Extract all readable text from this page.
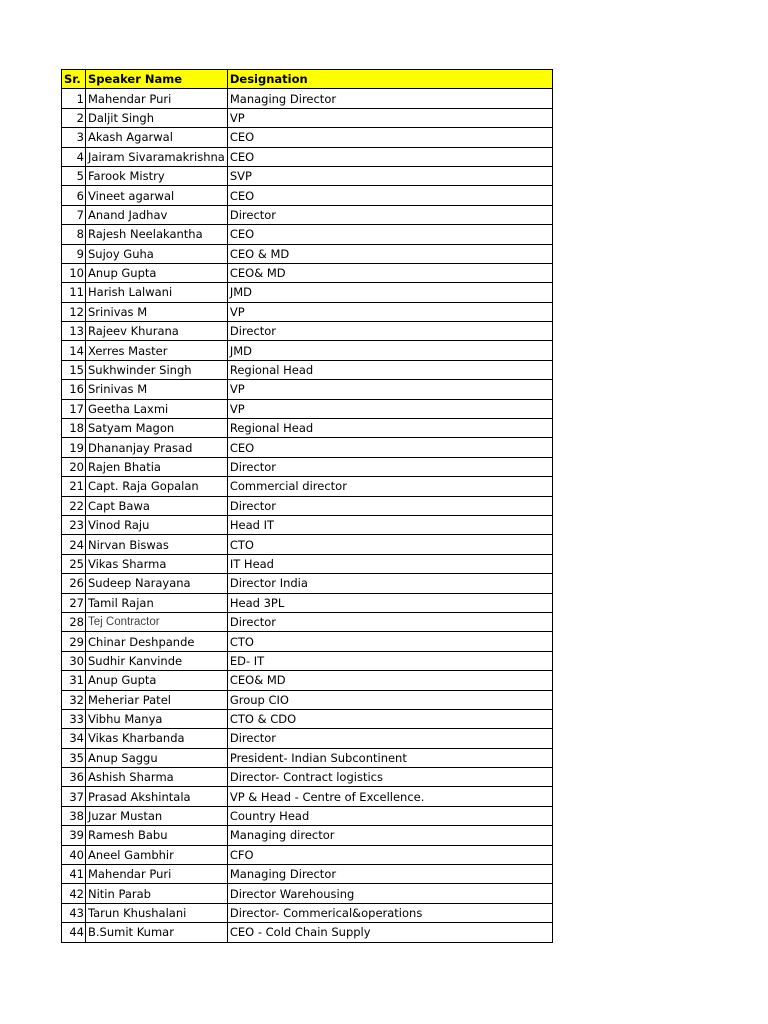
Sr.	Speaker Name	Designation
1	Mahendar Puri	Managing Director
2	Daljit Singh	VP
3	Akash Agarwal	CEO
4	Jairam Sivaramakrishna	CEO
5	Farook Mistry	SVP
6	Vineet agarwal	CEO
7	Anand Jadhav	Director
8	Rajesh Neelakantha	CEO
9	Sujoy Guha	CEO & MD
10	Anup Gupta	CEO& MD
11	Harish Lalwani	JMD
12	Srinivas M	VP
13	Rajeev Khurana	Director
14	Xerres Master	JMD
15	Sukhwinder Singh	Regional Head
16	Srinivas M	VP
17	Geetha Laxmi	VP
18	Satyam Magon	Regional Head
19	Dhananjay Prasad	CEO
20	Rajen Bhatia	Director
21	Capt. Raja Gopalan	Commercial director
22	Capt Bawa	Director
23	Vinod Raju	Head IT
24	Nirvan Biswas	CTO
25	Vikas Sharma	IT Head
26	Sudeep Narayana	Director India
27	Tamil Rajan	Head 3PL
28	Tej Contractor	Director
29	Chinar Deshpande	CTO
30	Sudhir Kanvinde	ED- IT
31	Anup Gupta	CEO& MD
32	Meheriar Patel	Group CIO
33	Vibhu Manya	CTO & CDO
34	Vikas Kharbanda	Director
35	Anup Saggu	President- Indian Subcontinent
36	Ashish Sharma	Director- Contract logistics
37	Prasad Akshintala	VP & Head - Centre of Excellence.
38	Juzar Mustan	Country Head
39	Ramesh Babu	Managing director
40	Aneel Gambhir	CFO
41	Mahendar Puri	Managing Director
42	Nitin Parab	Director Warehousing
43	Tarun Khushalani	Director- Commerical&operations
44	B.Sumit Kumar	CEO - Cold Chain Supply
